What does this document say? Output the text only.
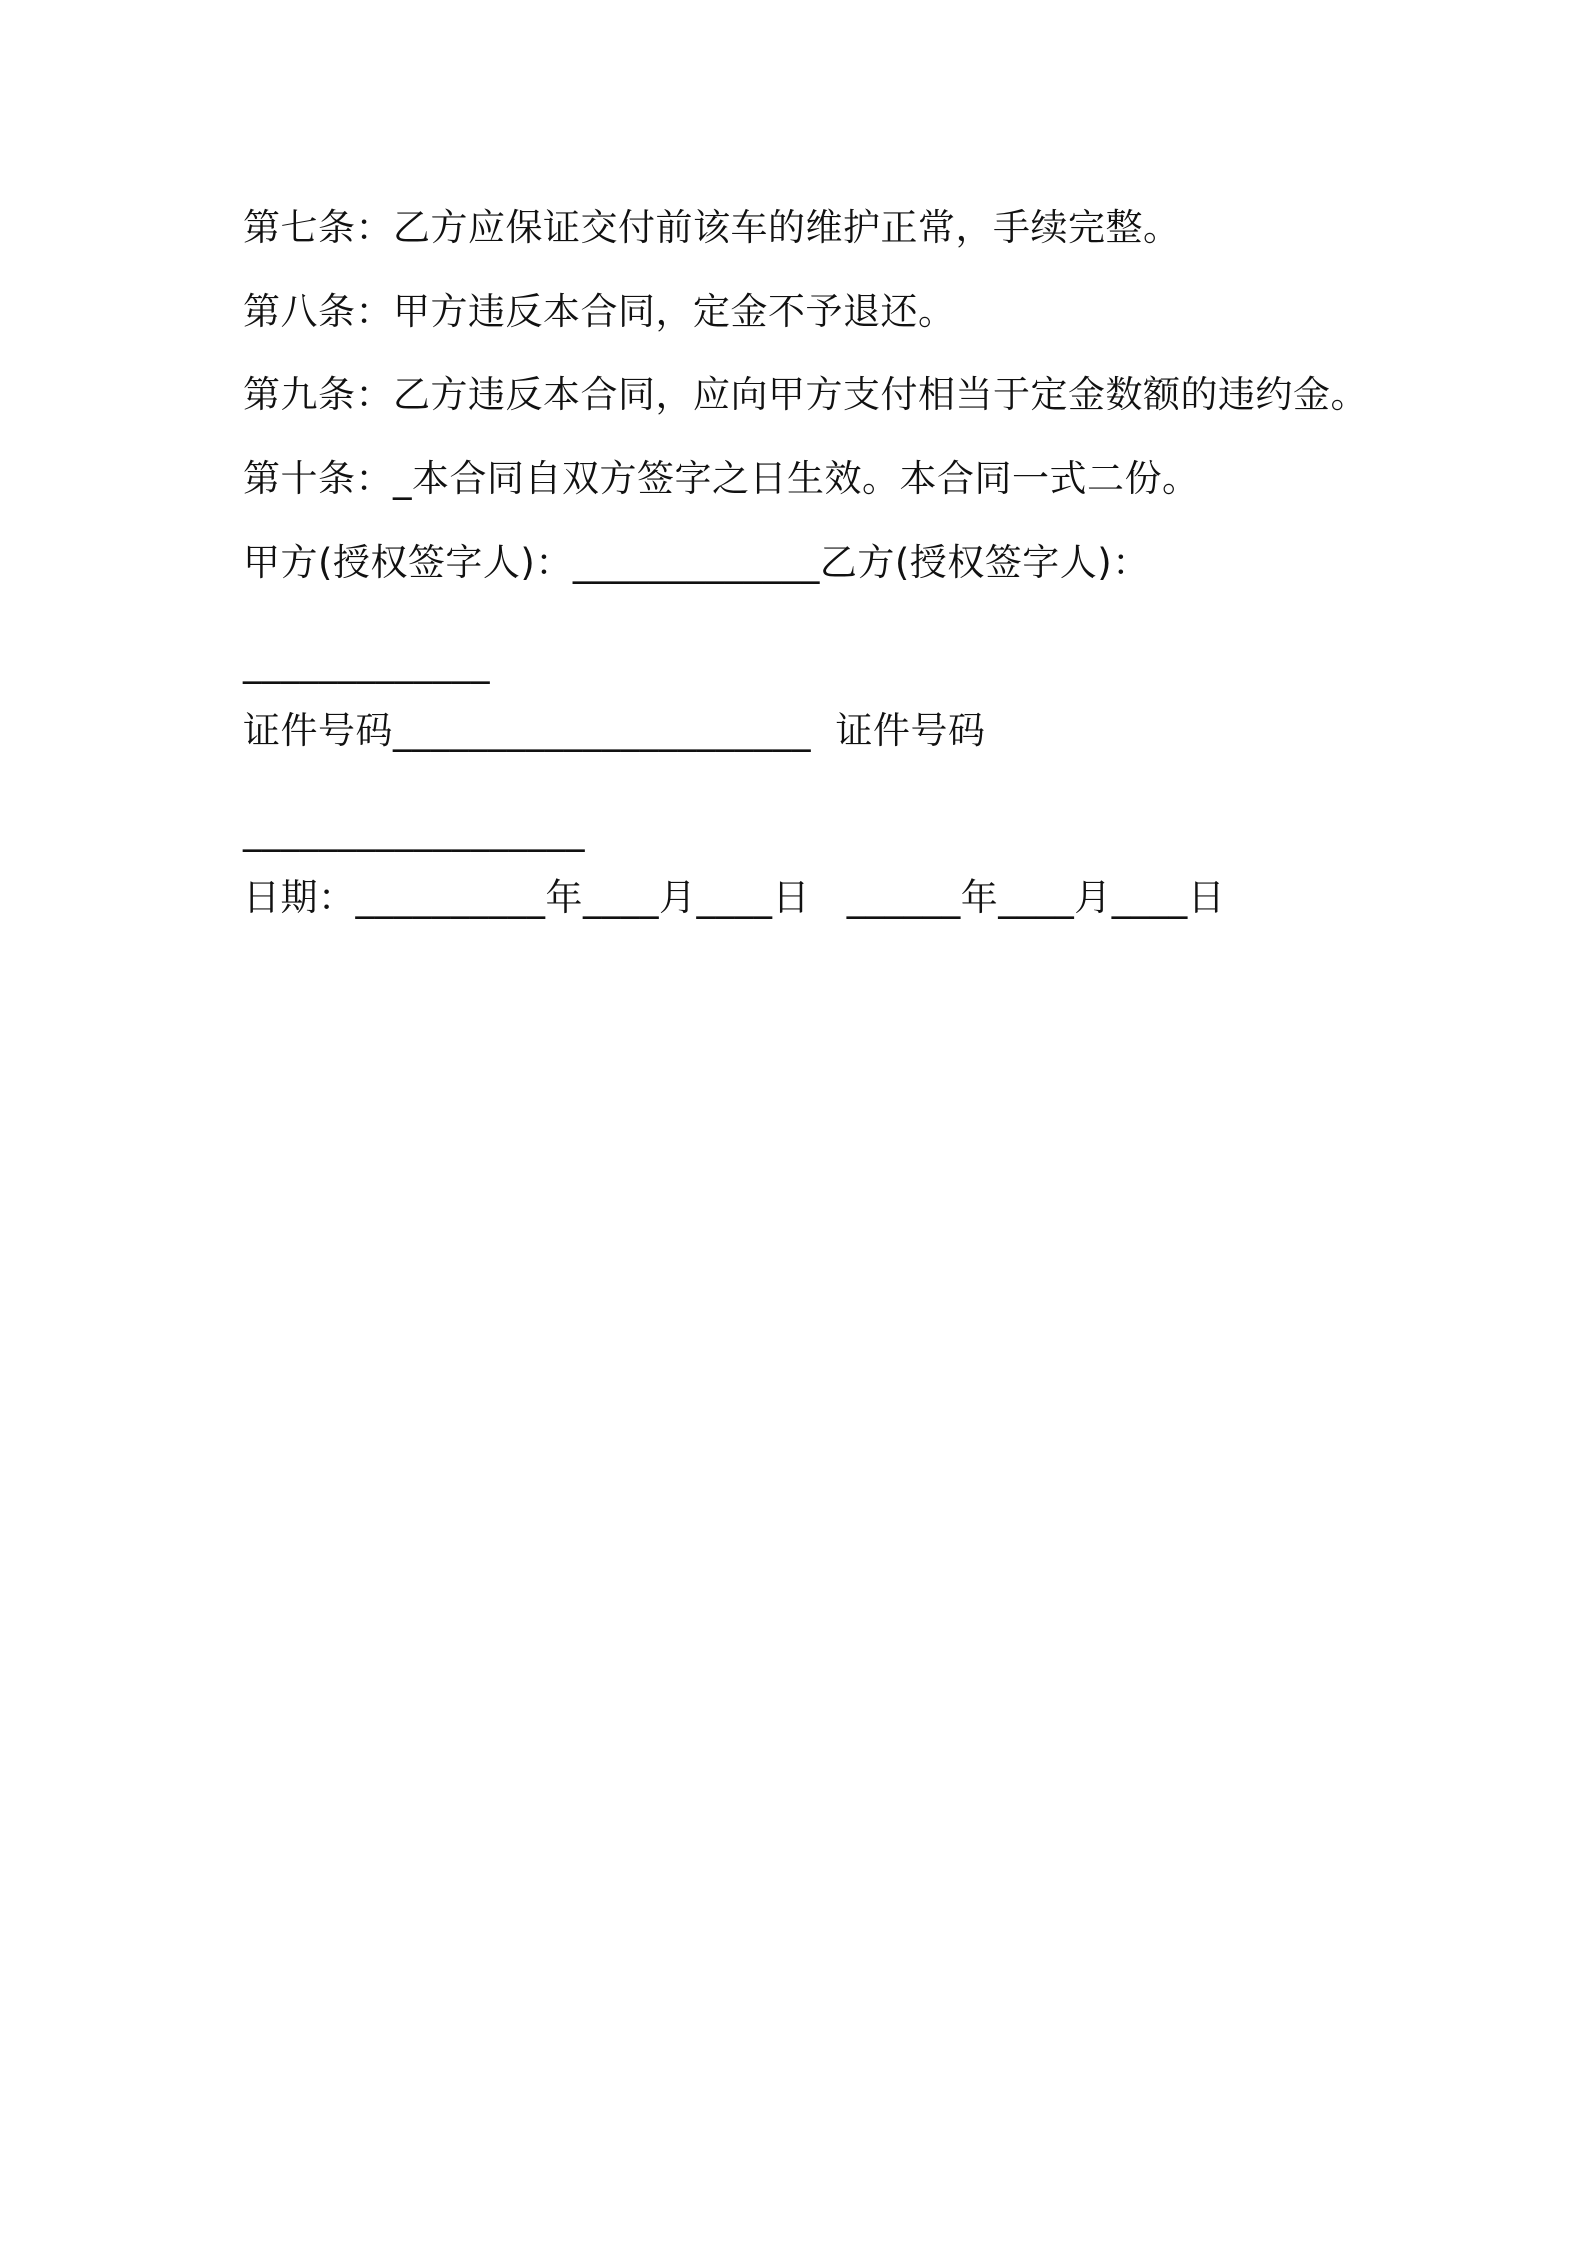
第七条：乙方应保证交付前该车的维护正常，手续完整。
第八条：甲方违反本合同，定金不予退还。
第九条：乙方违反本合同，应向甲方支付相当于定金数额的违约金。
第十条：_本合同自双方签字之日生效。本合同一式二份。
甲方(授权签字人)：_____________乙方(授权签字人)：
_____________
证件号码______________________  证件号码
__________________
日期：__________年____月____日   ______年____月____日
